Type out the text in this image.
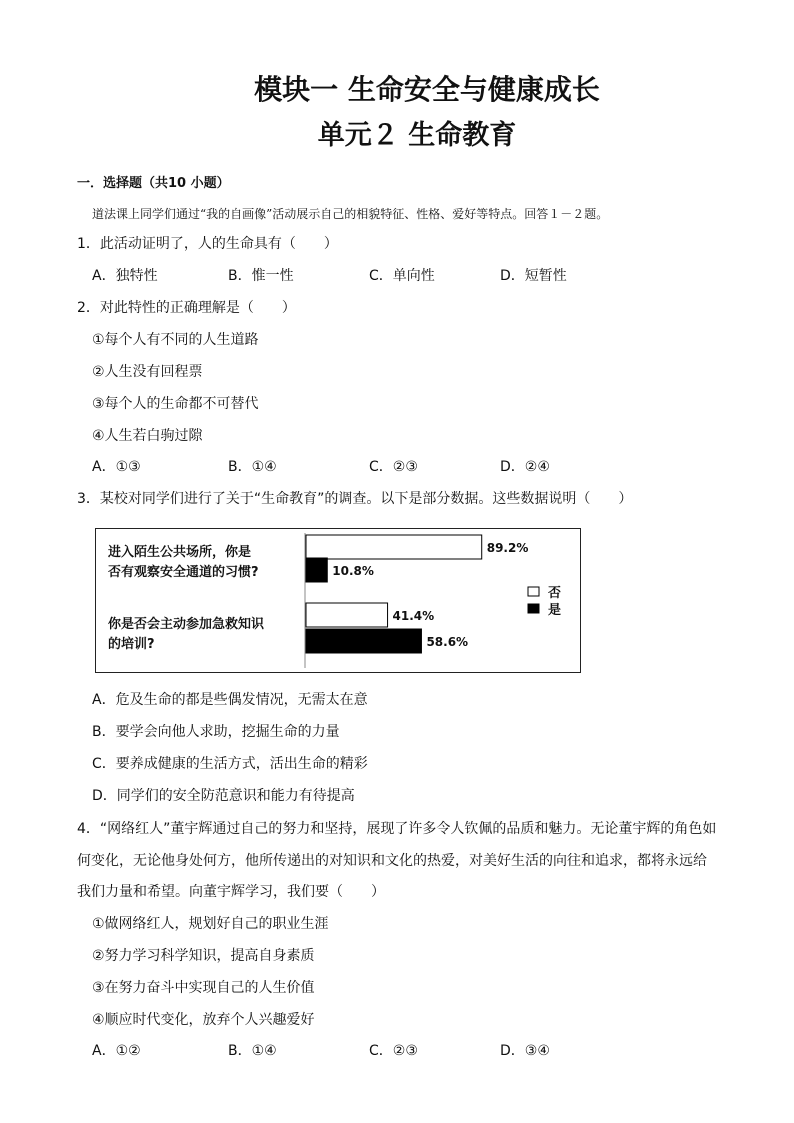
模块一 生命安全与健康成长
单元２ 生命教育
一．选择题（共10 小题）
道法课上同学们通过“我的自画像”活动展示自己的相貌特征、性格、爱好等特点。回答１－２题。
1．此活动证明了，人的生命具有（　　）
A．独特性	B．惟一性	C．单向性	D．短暂性
2．对此特性的正确理解是（　　）
①每个人有不同的人生道路
②人生没有回程票
③每个人的生命都不可替代
④人生若白驹过隙
A．①③	B．①④	C．②③	D．②④
3．某校对同学们进行了关于“生命教育”的调查。以下是部分数据。这些数据说明（　　）
进入陌生公共场所，你是
否有观察安全通道的习惯?
你是否会主动参加急救知识
的培训?
89.2%
10.8%
41.4%
58.6%
否
是
A．危及生命的都是些偶发情况，无需太在意
B．要学会向他人求助，挖掘生命的力量
C．要养成健康的生活方式，活出生命的精彩
D．同学们的安全防范意识和能力有待提高
4．“网络红人”董宇辉通过自己的努力和坚持，展现了许多令人钦佩的品质和魅力。无论董宇辉的角色如
何变化，无论他身处何方，他所传递出的对知识和文化的热爱，对美好生活的向往和追求，都将永远给
我们力量和希望。向董宇辉学习，我们要（　　）
①做网络红人，规划好自己的职业生涯
②努力学习科学知识，提高自身素质
③在努力奋斗中实现自己的人生价值
④顺应时代变化，放弃个人兴趣爱好
A．①②	B．①④	C．②③	D．③④
